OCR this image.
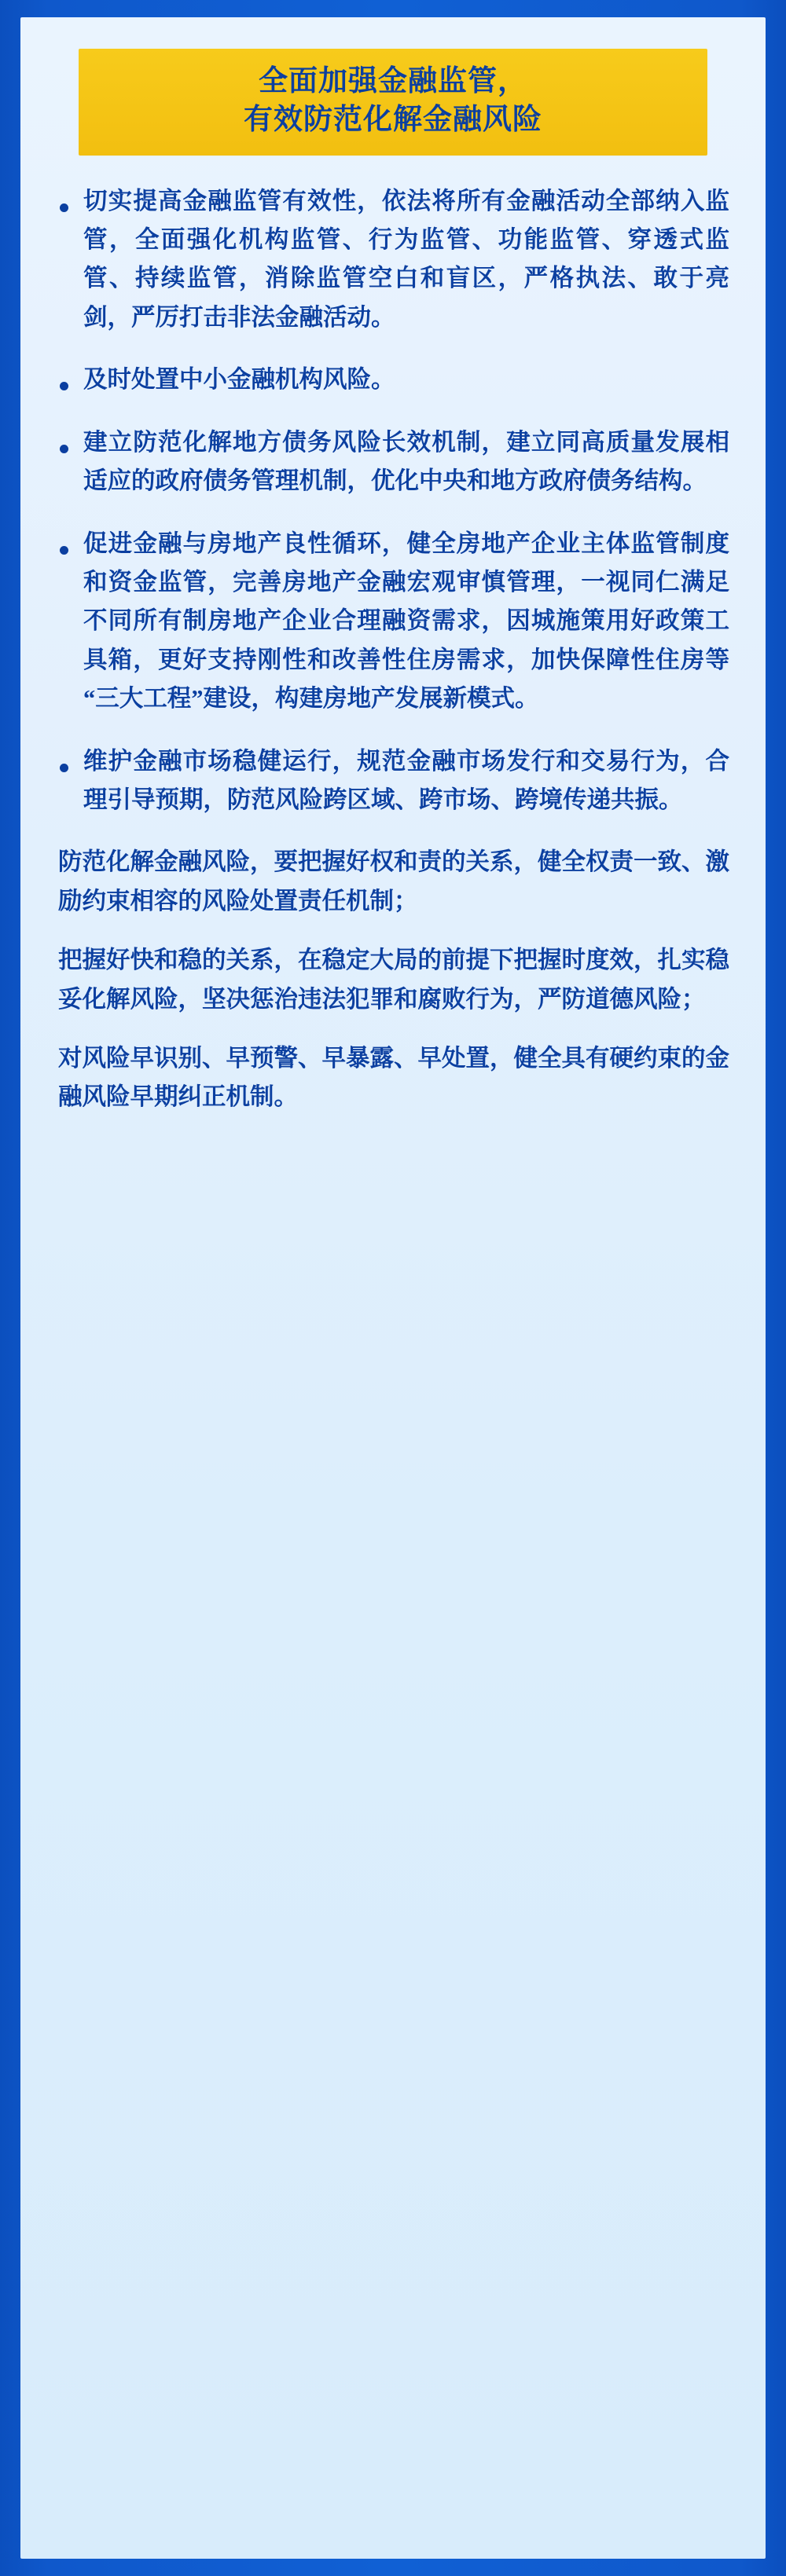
全面加强金融监管，
有效防范化解金融风险
切实提高金融监管有效性，依法将所有金融活动全部纳入监管，全面强化机构监管、行为监管、功能监管、穿透式监管、持续监管，消除监管空白和盲区，严格执法、敢于亮剑，严厉打击非法金融活动。
及时处置中小金融机构风险。
建立防范化解地方债务风险长效机制，建立同高质量发展相适应的政府债务管理机制，优化中央和地方政府债务结构。
促进金融与房地产良性循环，健全房地产企业主体监管制度和资金监管，完善房地产金融宏观审慎管理，一视同仁满足不同所有制房地产企业合理融资需求，因城施策用好政策工具箱，更好支持刚性和改善性住房需求，加快保障性住房等“三大工程”建设，构建房地产发展新模式。
维护金融市场稳健运行，规范金融市场发行和交易行为，合理引导预期，防范风险跨区域、跨市场、跨境传递共振。

防范化解金融风险，要把握好权和责的关系，健全权责一致、激励约束相容的风险处置责任机制；

把握好快和稳的关系，在稳定大局的前提下把握时度效，扎实稳妥化解风险，坚决惩治违法犯罪和腐败行为，严防道德风险；

对风险早识别、早预警、早暴露、早处置，健全具有硬约束的金融风险早期纠正机制。
